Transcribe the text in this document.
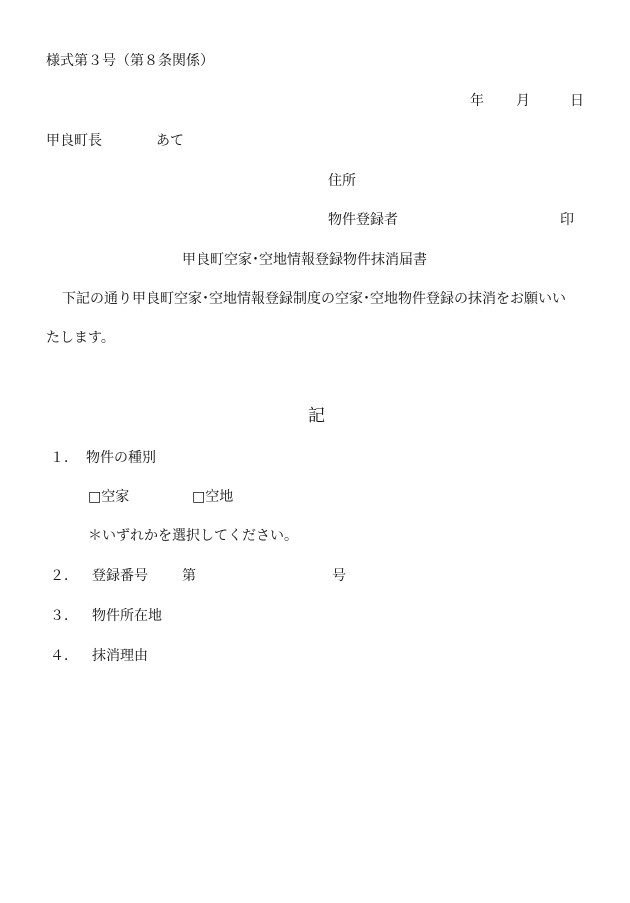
様式第３号（第８条関係）
年 月	日
甲良町長	あて
住所
物件登録者	印
甲良町空家･空地情報登録物件抹消届書
下記の通り甲良町空家･空地情報登録制度の空家･空地物件登録の抹消をお願いい
たします。
記
１． 物件の種別
□空家	□空地
＊いずれかを選択してください。
２． 登録番号 第	号
３． 物件所在地
４． 抹消理由
